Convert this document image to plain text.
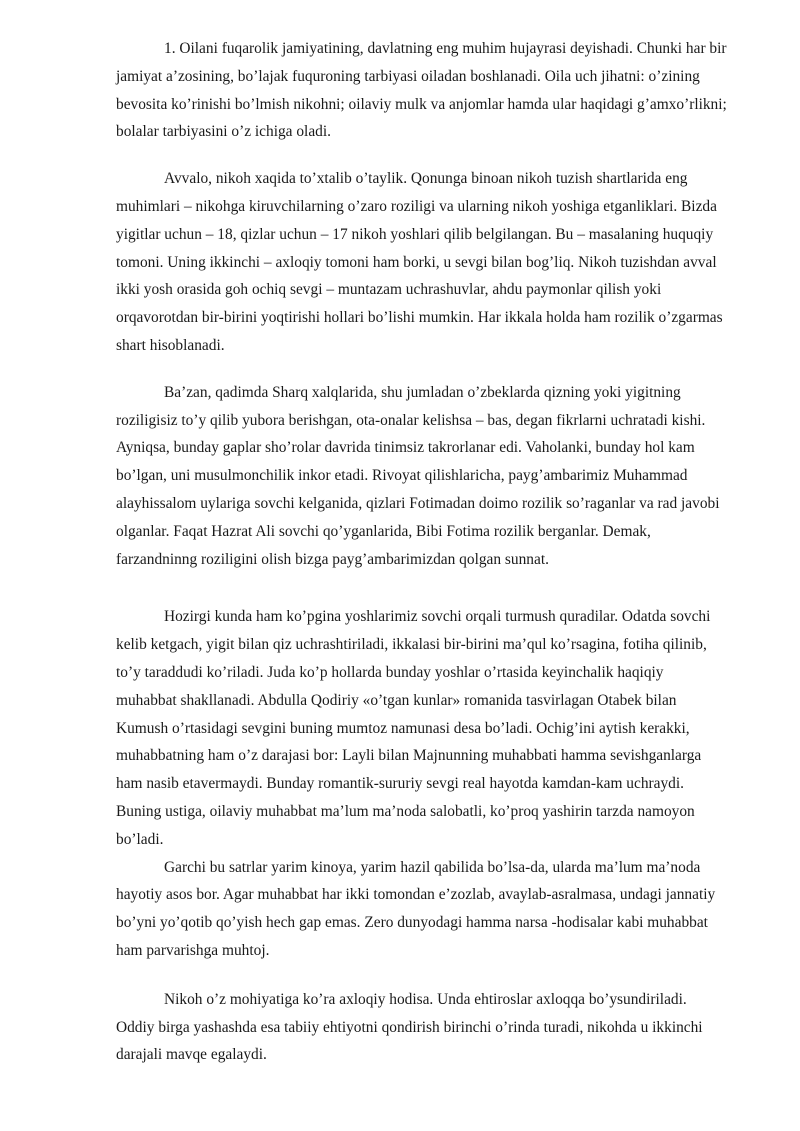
1. Oilani fuqarolik jamiyatining, davlatning eng muhim hujayrasi deyishadi. Chunki har bir jamiyat a’zosining, bo’lajak fuquroning tarbiyasi oiladan boshlanadi. Oila uch jihatni: o’zining bevosita ko’rinishi bo’lmish nikohni; oilaviy mulk va anjomlar hamda ular haqidagi g’amxo’rlikni; bolalar tarbiyasini o’z ichiga oladi.

Avvalo, nikoh xaqida to’xtalib o’taylik. Qonunga binoan nikoh tuzish shartlarida eng muhimlari – nikohga kiruvchilarning o’zaro roziligi va ularning nikoh yoshiga etganliklari. Bizda yigitlar uchun – 18, qizlar uchun – 17 nikoh yoshlari qilib belgilangan. Bu – masalaning huquqiy tomoni. Uning ikkinchi – axloqiy tomoni ham borki, u sevgi bilan bog’liq. Nikoh tuzishdan avval ikki yosh orasida goh ochiq sevgi – muntazam uchrashuvlar, ahdu paymonlar qilish yoki orqavorotdan bir-birini yoqtirishi hollari bo’lishi mumkin. Har ikkala holda ham rozilik o’zgarmas shart hisoblanadi.

Ba’zan, qadimda Sharq xalqlarida, shu jumladan o’zbeklarda qizning yoki yigitning roziligisiz to’y qilib yubora berishgan, ota-onalar kelishsa – bas, degan fikrlarni uchratadi kishi. Ayniqsa, bunday gaplar sho’rolar davrida tinimsiz takrorlanar edi. Vaholanki, bunday hol kam bo’lgan, uni musulmonchilik inkor etadi. Rivoyat qilishlaricha, payg’ambarimiz Muhammad alayhissalom uylariga sovchi kelganida, qizlari Fotimadan doimo rozilik so’raganlar va rad javobi olganlar. Faqat Hazrat Ali sovchi qo’yganlarida, Bibi Fotima rozilik berganlar. Demak, farzandninng roziligini olish bizga payg’ambarimizdan qolgan sunnat.

Hozirgi kunda ham ko’pgina yoshlarimiz sovchi orqali turmush quradilar. Odatda sovchi kelib ketgach, yigit bilan qiz uchrashtiriladi, ikkalasi bir-birini ma’qul ko’rsagina, fotiha qilinib, to’y taraddudi ko’riladi. Juda ko’p hollarda bunday yoshlar o’rtasida keyinchalik haqiqiy muhabbat shakllanadi. Abdulla Qodiriy «o’tgan kunlar» romanida tasvirlagan Otabek bilan Kumush o’rtasidagi sevgini buning mumtoz namunasi desa bo’ladi. Ochig’ini aytish kerakki, muhabbatning ham o’z darajasi bor: Layli bilan Majnunning muhabbati hamma sevishganlarga ham nasib etavermaydi. Bunday romantik-sururiy sevgi real hayotda kamdan-kam uchraydi. Buning ustiga, oilaviy muhabbat ma’lum ma’noda salobatli, ko’proq yashirin tarzda namoyon bo’ladi.

Garchi bu satrlar yarim kinoya, yarim hazil qabilida bo’lsa-da, ularda ma’lum ma’noda hayotiy asos bor. Agar muhabbat har ikki tomondan e’zozlab, avaylab-asralmasa, undagi jannatiy bo’yni yo’qotib qo’yish hech gap emas. Zero dunyodagi hamma narsa -hodisalar kabi muhabbat ham parvarishga muhtoj.

Nikoh o’z mohiyatiga ko’ra axloqiy hodisa. Unda ehtiroslar axloqqa bo’ysundiriladi. Oddiy birga yashashda esa tabiiy ehtiyotni qondirish birinchi o’rinda turadi, nikohda u ikkinchi darajali mavqe egalaydi.
